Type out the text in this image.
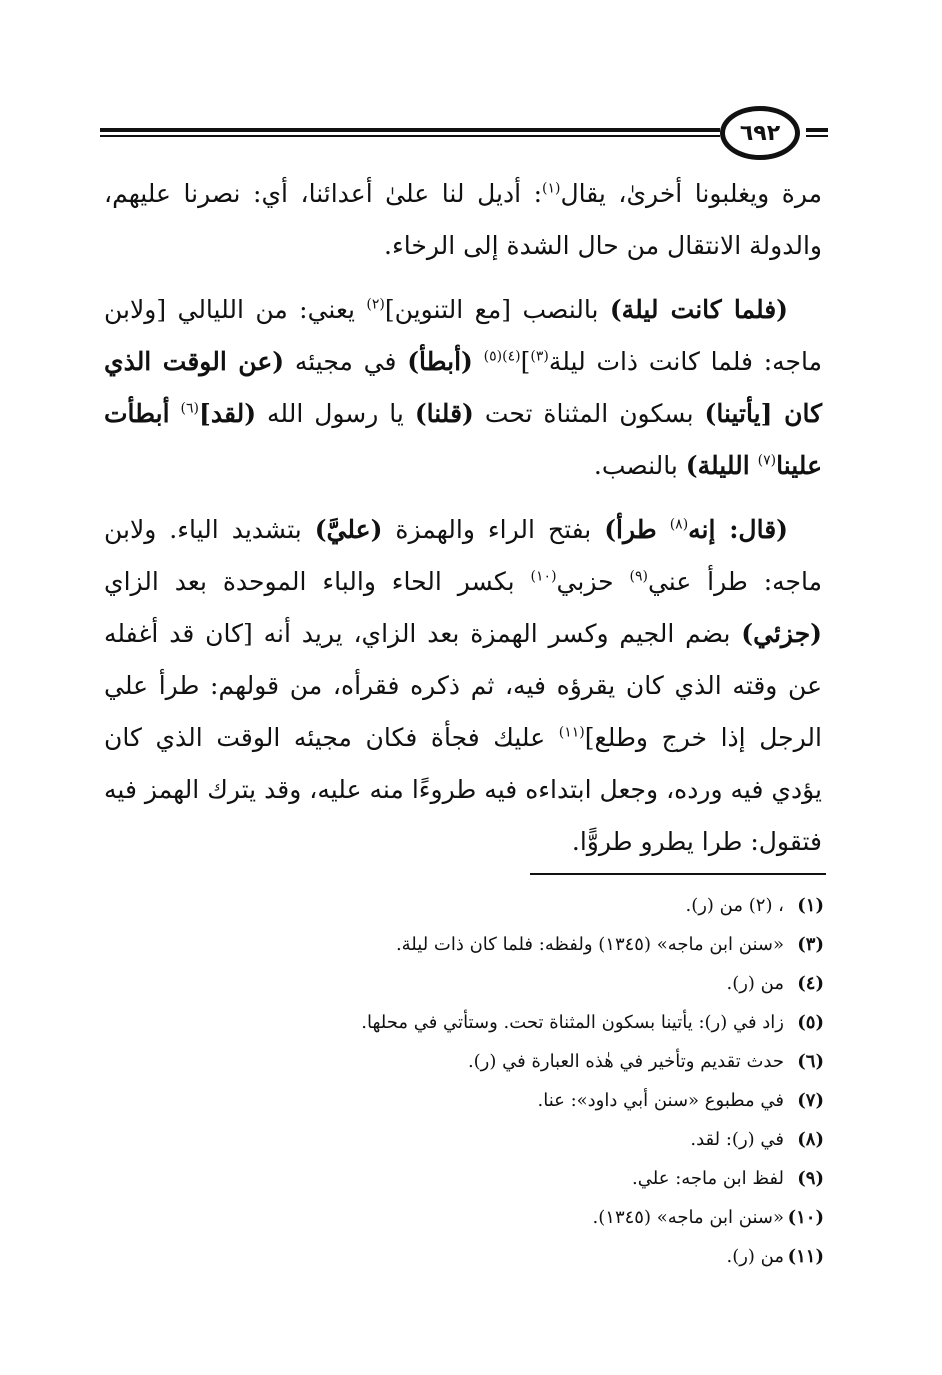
٦٩٢

مرة ويغلبونا أخرىٰ، يقال$^{(١)}$: أديل لنا علىٰ أعدائنا، أي: نصرنا عليهم، والدولة الانتقال من حال الشدة إلى الرخاء.

(فلما كانت ليلة) بالنصب [مع التنوين]$^{(٢)}$ يعني: من الليالي [ولابن ماجه: فلما كانت ذات ليلة$^{(٣)}$]$^{(٤)(٥)}$ (أبطأ) في مجيئه (عن الوقت الذي كان [يأتينا) بسكون المثناة تحت (قلنا) يا رسول الله (لقد]$^{(٦)}$ أبطأت علينا$^{(٧)}$ الليلة) بالنصب.

(قال: إنه$^{(٨)}$ طرأ) بفتح الراء والهمزة (عليَّ) بتشديد الياء. ولابن ماجه: طرأ عني$^{(٩)}$ حزبي$^{(١٠)}$ بكسر الحاء والباء الموحدة بعد الزاي (جزئي) بضم الجيم وكسر الهمزة بعد الزاي، يريد أنه [كان قد أغفله عن وقته الذي كان يقرؤه فيه، ثم ذكره فقرأه، من قولهم: طرأ علي الرجل إذا خرج وطلع]$^{(١١)}$ عليك فجأة فكان مجيئه الوقت الذي كان يؤدي فيه ورده، وجعل ابتداءه فيه طروءًا منه عليه، وقد يترك الهمز فيه فتقول: طرا يطرو طروًّا.

(١)، (٢) من (ر).
(٣)«سنن ابن ماجه» (١٣٤٥) ولفظه: فلما كان ذات ليلة.
(٤)من (ر).
(٥)زاد في (ر): يأتينا بسكون المثناة تحت. وستأتي في محلها.
(٦)حدث تقديم وتأخير في هٰذه العبارة في (ر).
(٧)في مطبوع «سنن أبي داود»: عنا.
(٨)في (ر): لقد.
(٩)لفظ ابن ماجه: علي.
(١٠)«سنن ابن ماجه» (١٣٤٥).
(١١)من (ر).
